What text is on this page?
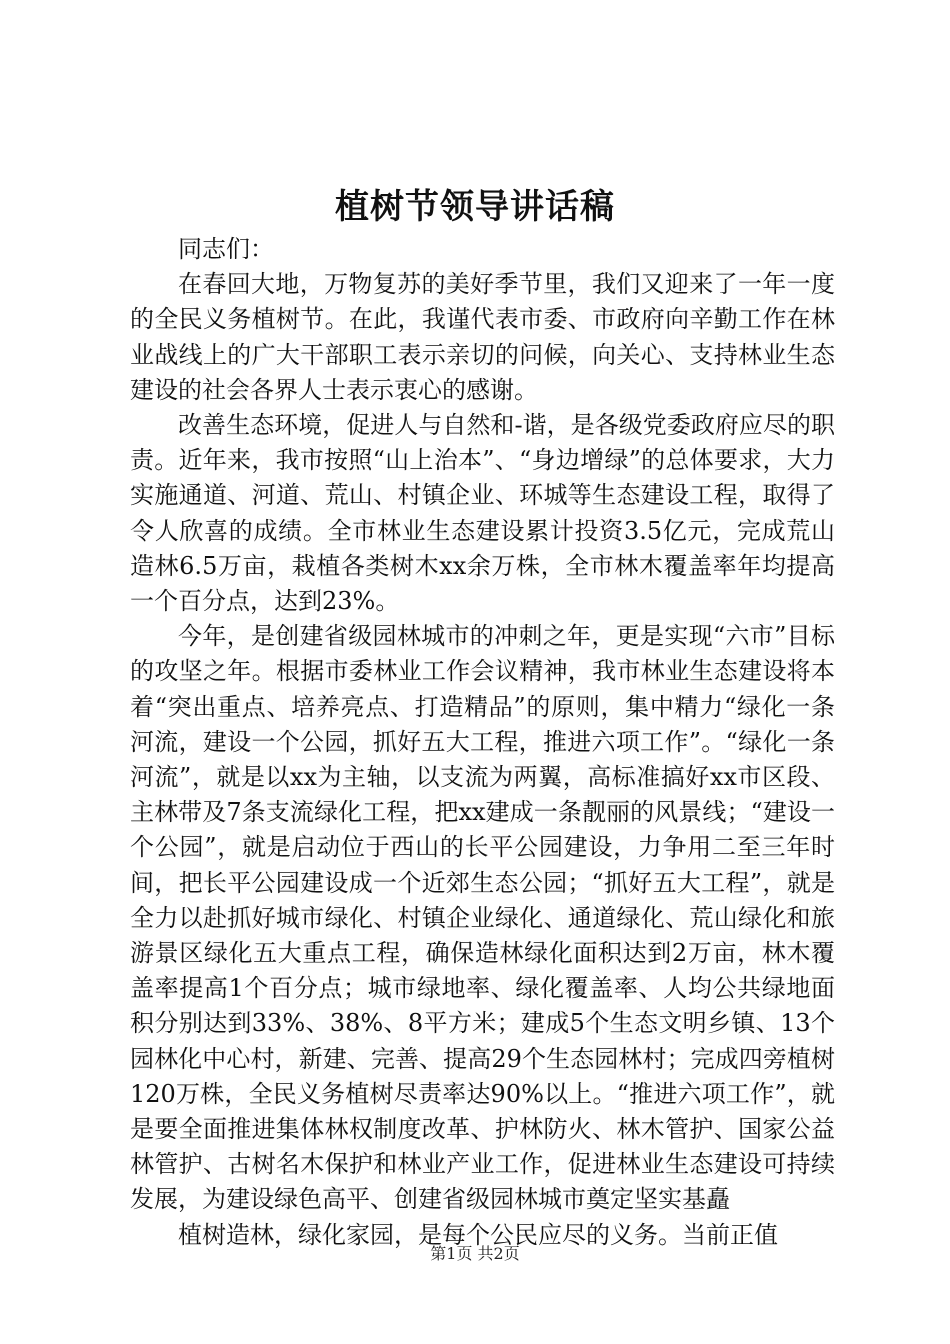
植树节领导讲话稿

同志们：

在春回大地，万物复苏的美好季节里，我们又迎来了一年一度的全民义务植树节。在此，我谨代表市委、市政府向辛勤工作在林业战线上的广大干部职工表示亲切的问候，向关心、支持林业生态建设的社会各界人士表示衷心的感谢。

改善生态环境，促进人与自然和-谐，是各级党委政府应尽的职责。近年来，我市按照“山上治本”、“身边增绿”的总体要求，大力实施通道、河道、荒山、村镇企业、环城等生态建设工程，取得了令人欣喜的成绩。全市林业生态建设累计投资3.5亿元，完成荒山造林6.5万亩，栽植各类树木xx余万株，全市林木覆盖率年均提高一个百分点，达到23%。

今年，是创建省级园林城市的冲刺之年，更是实现“六市”目标的攻坚之年。根据市委林业工作会议精神，我市林业生态建设将本着“突出重点、培养亮点、打造精品”的原则，集中精力“绿化一条河流，建设一个公园，抓好五大工程，推进六项工作”。“绿化一条河流”，就是以xx为主轴，以支流为两翼，高标准搞好xx市区段、主林带及7条支流绿化工程，把xx建成一条靓丽的风景线；“建设一个公园”，就是启动位于西山的长平公园建设，力争用二至三年时间，把长平公园建设成一个近郊生态公园；“抓好五大工程”，就是全力以赴抓好城市绿化、村镇企业绿化、通道绿化、荒山绿化和旅游景区绿化五大重点工程，确保造林绿化面积达到2万亩，林木覆盖率提高1个百分点；城市绿地率、绿化覆盖率、人均公共绿地面积分别达到33%、38%、8平方米；建成5个生态文明乡镇、13个园林化中心村，新建、完善、提高29个生态园林村；完成四旁植树120万株，全民义务植树尽责率达90%以上。“推进六项工作”，就是要全面推进集体林权制度改革、护林防火、林木管护、国家公益林管护、古树名木保护和林业产业工作，促进林业生态建设可持续发展，为建设绿色高平、创建省级园林城市奠定坚实基矗

植树造林，绿化家园，是每个公民应尽的义务。当前正值

第1页 共2页
